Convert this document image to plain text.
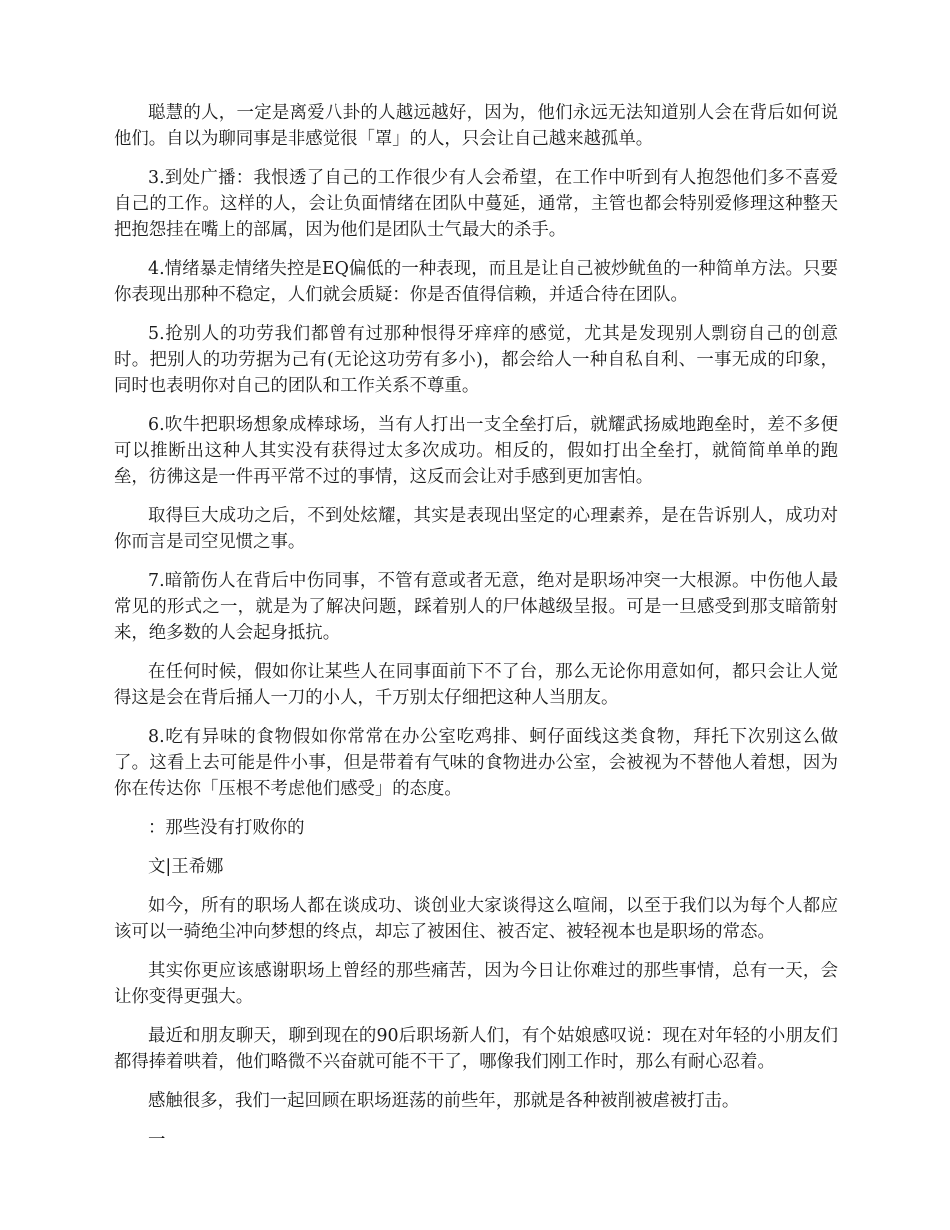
聪慧的人，一定是离爱八卦的人越远越好，因为，他们永远无法知道别人会在背后如何说他们。自以为聊同事是非感觉很「罩」的人，只会让自己越来越孤单。

3.到处广播：我恨透了自己的工作很少有人会希望，在工作中听到有人抱怨他们多不喜爱自己的工作。这样的人，会让负面情绪在团队中蔓延，通常，主管也都会特别爱修理这种整天把抱怨挂在嘴上的部属，因为他们是团队士气最大的杀手。

4.情绪暴走情绪失控是EQ偏低的一种表现，而且是让自己被炒鱿鱼的一种简单方法。只要你表现出那种不稳定，人们就会质疑：你是否值得信赖，并适合待在团队。

5.抢别人的功劳我们都曾有过那种恨得牙痒痒的感觉，尤其是发现别人剽窃自己的创意时。把别人的功劳据为己有(无论这功劳有多小)，都会给人一种自私自利、一事无成的印象，同时也表明你对自己的团队和工作关系不尊重。

6.吹牛把职场想象成棒球场，当有人打出一支全垒打后，就耀武扬威地跑垒时，差不多便可以推断出这种人其实没有获得过太多次成功。相反的，假如打出全垒打，就简简单单的跑垒，彷彿这是一件再平常不过的事情，这反而会让对手感到更加害怕。

取得巨大成功之后，不到处炫耀，其实是表现出坚定的心理素养，是在告诉别人，成功对你而言是司空见惯之事。

7.暗箭伤人在背后中伤同事，不管有意或者无意，绝对是职场冲突一大根源。中伤他人最常见的形式之一，就是为了解决问题，踩着别人的尸体越级呈报。可是一旦感受到那支暗箭射来，绝多数的人会起身抵抗。

在任何时候，假如你让某些人在同事面前下不了台，那么无论你用意如何，都只会让人觉得这是会在背后捅人一刀的小人，千万别太仔细把这种人当朋友。

8.吃有异味的食物假如你常常在办公室吃鸡排、蚵仔面线这类食物，拜托下次别这么做了。这看上去可能是件小事，但是带着有气味的食物进办公室，会被视为不替他人着想，因为你在传达你「压根不考虑他们感受」的态度。

：那些没有打败你的

文|王希娜

如今，所有的职场人都在谈成功、谈创业大家谈得这么喧闹，以至于我们以为每个人都应该可以一骑绝尘冲向梦想的终点，却忘了被困住、被否定、被轻视本也是职场的常态。

其实你更应该感谢职场上曾经的那些痛苦，因为今日让你难过的那些事情，总有一天，会让你变得更强大。

最近和朋友聊天，聊到现在的90后职场新人们，有个姑娘感叹说：现在对年轻的小朋友们都得捧着哄着，他们略微不兴奋就可能不干了，哪像我们刚工作时，那么有耐心忍着。

感触很多，我们一起回顾在职场逛荡的前些年，那就是各种被削被虐被打击。

一
